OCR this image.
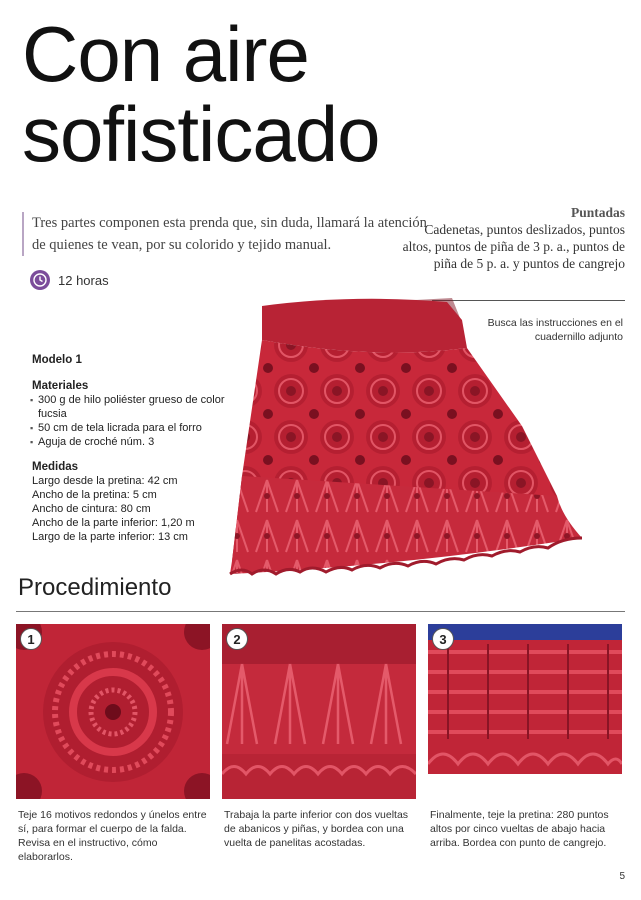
Con aire
sofisticado
Tres partes componen esta prenda que, sin duda, llamará la atención de quienes te vean, por su colorido y tejido manual.
12 horas
Puntadas
Cadenetas, puntos deslizados, puntos altos, puntos de piña de 3 p. a., puntos de piña de 5 p. a. y puntos de cangrejo
Busca las instrucciones en el cuadernillo adjunto
Modelo 1
Materiales
▪ 300 g de hilo poliéster grueso de color fucsia
▪ 50 cm de tela licrada para el forro
▪ Aguja de croché núm. 3
Medidas
Largo desde la pretina: 42 cm
Ancho de la pretina: 5 cm
Ancho de cintura: 80 cm
Ancho de la parte inferior: 1,20 m
Largo de la parte inferior: 13 cm
Procedimiento
1	2	3
Teje 16 motivos redondos y únelos entre sí, para formar el cuerpo de la falda. Revisa en el instructivo, cómo elaborarlos.
Trabaja la parte inferior con dos vueltas de abanicos y piñas, y bordea con una vuelta de panelitas acostadas.
Finalmente, teje la pretina: 280 puntos altos por cinco vueltas de abajo hacia arriba. Bordea con punto de cangrejo.
5
